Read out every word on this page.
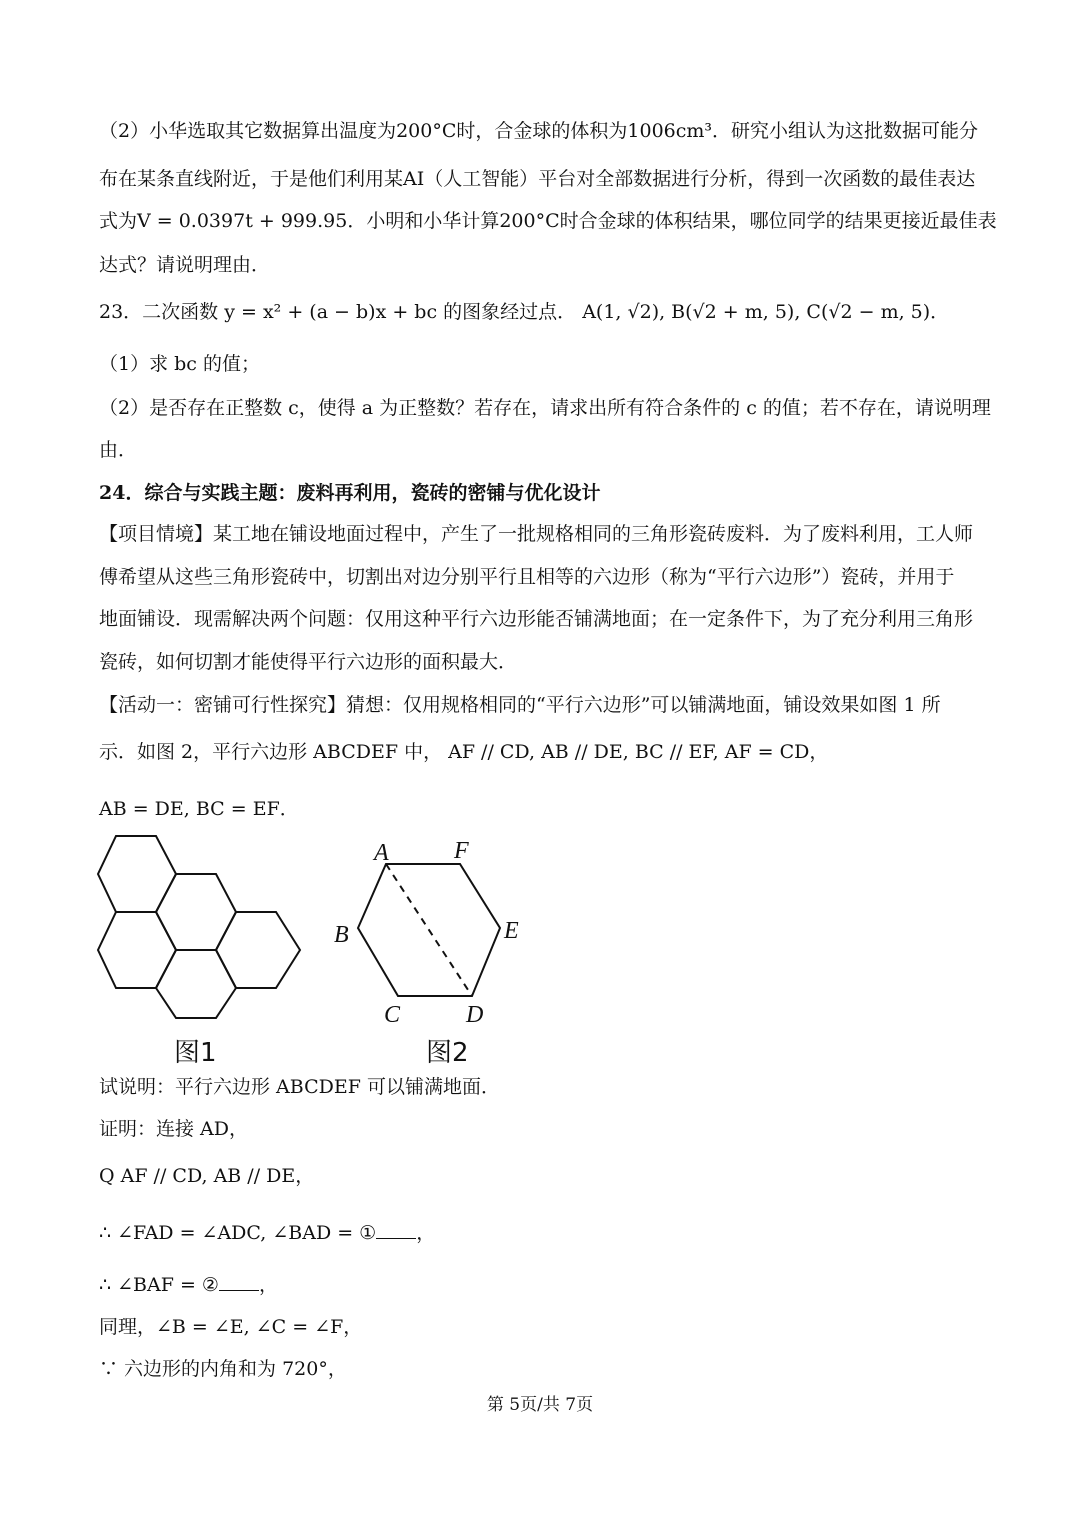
（2）小华选取其它数据算出温度为200°C时，合金球的体积为1006cm³．研究小组认为这批数据可能分
布在某条直线附近，于是他们利用某AI（人工智能）平台对全部数据进行分析，得到一次函数的最佳表达
式为V = 0.0397t + 999.95．小明和小华计算200°C时合金球的体积结果，哪位同学的结果更接近最佳表
达式？请说明理由．
23．二次函数 y = x² + (a − b)x + bc 的图象经过点． A(1, √2), B(√2 + m, 5), C(√2 − m, 5)．
（1）求 bc 的值；
（2）是否存在正整数 c，使得 a 为正整数？若存在，请求出所有符合条件的 c 的值；若不存在，请说明理
由．
24．综合与实践主题：废料再利用，瓷砖的密铺与优化设计
【项目情境】某工地在铺设地面过程中，产生了一批规格相同的三角形瓷砖废料．为了废料利用，工人师
傅希望从这些三角形瓷砖中，切割出对边分别平行且相等的六边形（称为“平行六边形”）瓷砖，并用于
地面铺设．现需解决两个问题：仅用这种平行六边形能否铺满地面；在一定条件下，为了充分利用三角形
瓷砖，如何切割才能使得平行六边形的面积最大．
【活动一：密铺可行性探究】猜想：仅用规格相同的“平行六边形”可以铺满地面，铺设效果如图 1 所
示．如图 2，平行六边形 ABCDEF 中， AF // CD, AB // DE, BC // EF, AF = CD，
AB = DE, BC = EF．
图1
A	F
E
B
C	D
图2
试说明：平行六边形 ABCDEF 可以铺满地面．
证明：连接 AD，
Q AF // CD, AB // DE，
∴ ∠FAD = ∠ADC, ∠BAD = ① ，
∴ ∠BAF = ② ，
同理，∠B = ∠E, ∠C = ∠F，
∵ 六边形的内角和为 720°，
第 5页/共 7页
